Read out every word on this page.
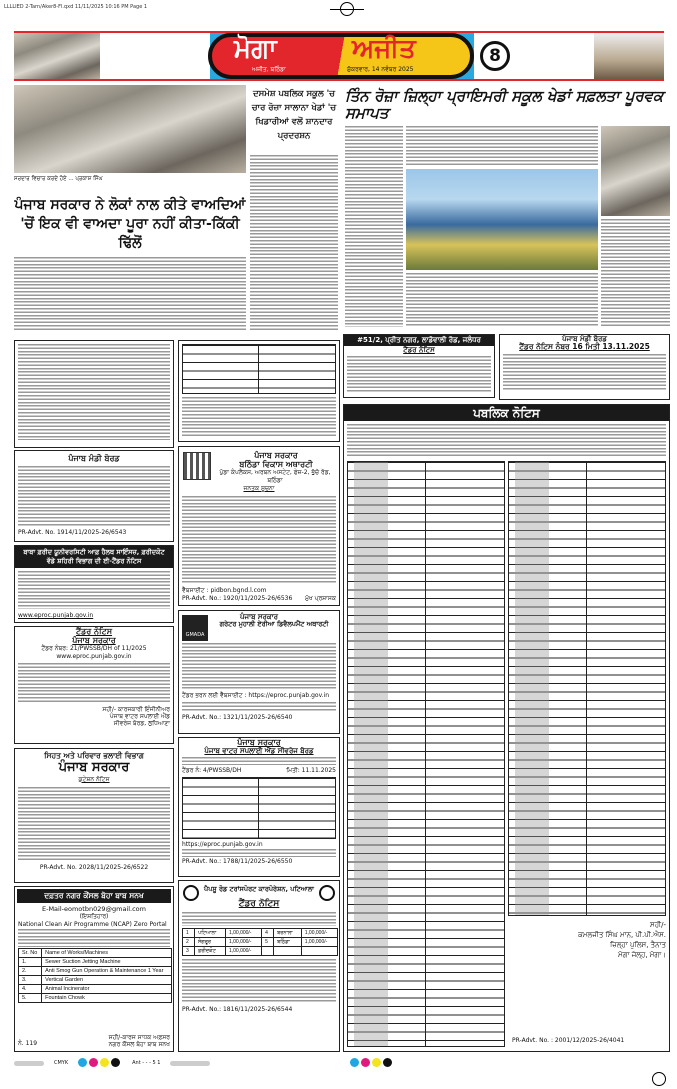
LLLLIED 2-Tarn/Aker8-Fl.qxd 11/11/2025 10:16 PM Page 1
ਮੋਗਾ	ਅਜੀਤ
ਅਜੀਤ, ਬਠਿੰਡਾ	ਸ਼ੁੱਕਰਵਾਰ, 14 ਨਵੰਬਰ 2025
8
ਸਰਦਾਰ ਵਿਚਾਰ ਕਰਦੇ ਹੋਏ ... ਪ੍ਰਕਾਸ਼ ਸਿੰਘ
ਦਸਮੇਸ਼ ਪਬਲਿਕ ਸਕੂਲ 'ਚ ਚਾਰ ਰੋਜ਼ਾ ਸਾਲਾਨਾ ਖੇਡਾਂ 'ਚ ਖਿਡਾਰੀਆਂ ਵਲੋਂ ਸ਼ਾਨਦਾਰ ਪ੍ਰਦਰਸ਼ਨ
ਪੰਜਾਬ ਸਰਕਾਰ ਨੇ ਲੋਕਾਂ ਨਾਲ ਕੀਤੇ ਵਾਅਦਿਆਂ 'ਚੋਂ ਇਕ ਵੀ ਵਾਅਦਾ ਪੂਰਾ ਨਹੀਂ ਕੀਤਾ-ਕਿੱਕੀ ਢਿੱਲੋਂ
ਤਿੰਨ ਰੋਜ਼ਾ ਜ਼ਿਲ੍ਹਾ ਪ੍ਰਾਇਮਰੀ ਸਕੂਲ ਖੇਡਾਂ ਸਫ਼ਲਤਾ ਪੂਰਵਕ ਸਮਾਪਤ
#51/2, ਪ੍ਰੀਤ ਨਗਰ, ਲਾਡੋਵਾਲੀ ਰੋਡ, ਜਲੰਧਰ
ਟੈਂਡਰ ਨੋਟਿਸ
ਪੰਜਾਬ ਮੰਡੀ ਬੋਰਡ
ਟੈਂਡਰ ਨੋਟਿਸ ਨੰਬਰ 16 ਮਿਤੀ 13.11.2025
ਪਬਲਿਕ ਨੋਟਿਸ
ਸਹੀ/-
ਕਮਲਜੀਤ ਸਿੰਘ ਮਾਨ, ਪੀ.ਪੀ.ਐਸ.
ਜ਼ਿਲ੍ਹਾ ਪੁਲਿਸ, ਤੈਨਾਤ
ਮੋਗਾ ਜੇਲ੍ਹ, ਮੋਗਾ।
PR-Advt. No. : 2001/12/2025-26/4041
ਪੰਜਾਬ ਮੰਡੀ ਬੋਰਡ
PR-Advt. No. 1914/11/2025-26/6543
ਬਾਬਾ ਫ਼ਰੀਦ ਯੂਨੀਵਰਸਿਟੀ ਆਫ਼ ਹੈਲਥ ਸਾਇੰਸਜ਼, ਫ਼ਰੀਦਕੋਟ
ਵੱਡੇ ਸ਼ਹਿਰੀ ਵਿਭਾਗ ਦੀ ਈ-ਟੈਂਡਰ ਨੋਟਿਸ
www.eproc.punjab.gov.in
ਟੈਂਡਰ ਨੋਟਿਸ
ਪੰਜਾਬ ਸਰਕਾਰ
ਟੈਂਡਰ ਨੰਬਰ: 21/PWSSB/DH of 11/2025
www.eproc.punjab.gov.in
ਸਹੀ/- ਕਾਰਜਕਾਰੀ ਇੰਜੀਨੀਅਰ
ਪੰਜਾਬ ਵਾਟਰ ਸਪਲਾਈ ਐਂਡ
ਸੀਵਰੇਜ ਬੋਰਡ, ਲੁਧਿਆਣਾ
ਸਿਹਤ ਅਤੇ ਪਰਿਵਾਰ ਭਲਾਈ ਵਿਭਾਗ
ਪੰਜਾਬ ਸਰਕਾਰ
ਕੁਟੇਸ਼ਨ ਨੋਟਿਸ
PR-Advt. No. 2028/11/2025-26/6522
ਦਫ਼ਤਰ ਨਗਰ ਕੌਂਸਲ ਬੋਹਾ ਬਾਬ ਸਨਖ
E-Mail-eomotbn029@gmail.com
(ਇਸ਼ਤਿਹਾਰ)
National Clean Air Programme (NCAP) Zero Portal
Sr. No	Name of Works/Machines
1.	Sewer Suction Jetting Machine
2.	Anti Smog Gun Operation & Maintenance 1 Year
3.	Vertical Garden
4.	Animal Incinerator
5.	Fountain Chowk
ਨੰ. 119
ਸਹੀ/-ਕਾਰਜ ਸਾਧਕ ਅਫ਼ਸਰ
ਨਗਰ ਕੌਂਸਲ ਬੋਹਾ ਬਾਬ ਸਨਖ
ਪੰਜਾਬ ਸਰਕਾਰ
ਬਠਿੰਡਾ ਵਿਕਾਸ ਅਥਾਰਟੀ
ਪੁੱਡਾ ਕੰਪਲੈਕਸ, ਅਰਬਨ ਅਸਟੇਟ, ਫੇਜ਼-2, ਭੁੱਚੋ ਰੋਡ, ਬਠਿੰਡਾ
ਜਨਤਕ ਸੂਚਨਾ
ਵੈੱਬਸਾਈਟ : pidbon.bgnd.l.com
PR-Advt. No.: 1920/11/2025-26/6536 ਮੁੱਖ ਪ੍ਰਸ਼ਾਸਕ
GMADA
ਪੰਜਾਬ ਸਰਕਾਰ
ਗਰੇਟਰ ਮੁਹਾਲੀ ਏਰੀਆ ਡਿਵੈਲਪਮੈਂਟ ਅਥਾਰਟੀ
ਟੈਂਡਰ ਭਰਨ ਲਈ ਵੈੱਬਸਾਈਟ : https://eproc.punjab.gov.in
PR-Advt. No.: 1321/11/2025-26/6540
ਪੰਜਾਬ ਸਰਕਾਰ
ਪੰਜਾਬ ਵਾਟਰ ਸਪਲਾਈ ਐਂਡ ਸੀਵਰੇਜ ਬੋਰਡ
ਟੈਂਡਰ ਨੰ: 4/PWSSB/DH	ਮਿਤੀ: 11.11.2025
https://eproc.punjab.gov.in
PR-Advt. No.: 1788/11/2025-26/6550
ਪੈਪਸੂ ਰੋਡ ਟਰਾਂਸਪੋਰਟ ਕਾਰਪੋਰੇਸ਼ਨ, ਪਟਿਆਲਾ
ਟੈਂਡਰ ਨੋਟਿਸ
1	ਪਟਿਆਲਾ	1,00,000/-	4	ਬਰਨਾਲਾ	1,00,000/-
2	ਸੰਗਰੂਰ	1,00,000/-	5	ਬਠਿੰਡਾ	1,00,000/-
3	ਫ਼ਰੀਦਕੋਟ	1,00,000/-			
PR-Advt. No.: 1816/11/2025-26/6544
CMYK	Ant - - - 5 1
